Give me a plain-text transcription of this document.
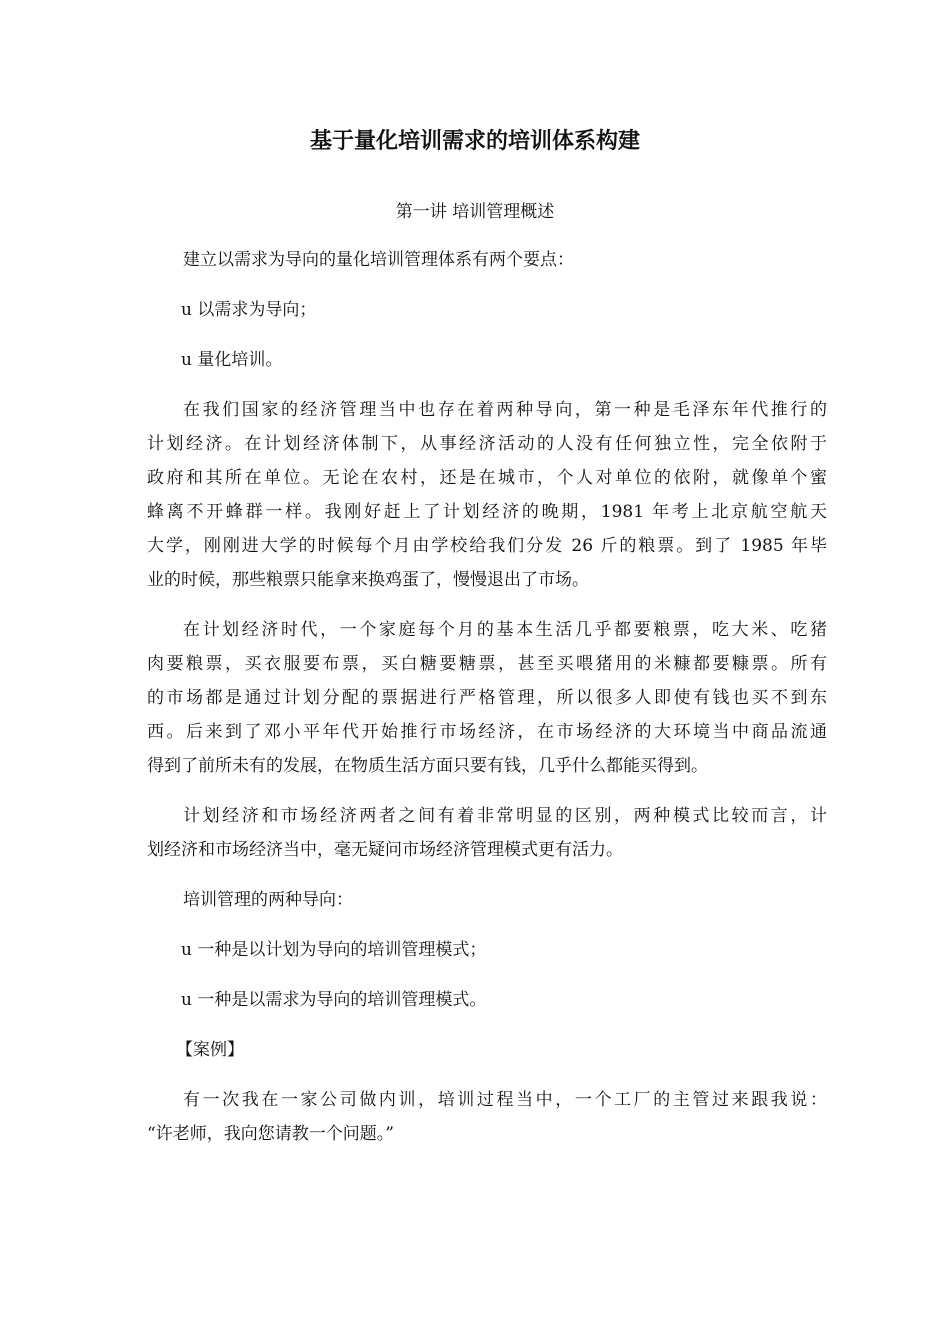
基于量化培训需求的培训体系构建
第一讲 培训管理概述
建立以需求为导向的量化培训管理体系有两个要点：
u 以需求为导向；
u 量化培训。
在我们国家的经济管理当中也存在着两种导向，第一种是毛泽东年代推行的
计划经济。在计划经济体制下，从事经济活动的人没有任何独立性，完全依附于
政府和其所在单位。无论在农村，还是在城市，个人对单位的依附，就像单个蜜
蜂离不开蜂群一样。我刚好赶上了计划经济的晚期，1981 年考上北京航空航天
大学，刚刚进大学的时候每个月由学校给我们分发 26 斤的粮票。到了 1985 年毕
业的时候，那些粮票只能拿来换鸡蛋了，慢慢退出了市场。
在计划经济时代，一个家庭每个月的基本生活几乎都要粮票，吃大米、吃猪
肉要粮票，买衣服要布票，买白糖要糖票，甚至买喂猪用的米糠都要糠票。所有
的市场都是通过计划分配的票据进行严格管理，所以很多人即使有钱也买不到东
西。后来到了邓小平年代开始推行市场经济，在市场经济的大环境当中商品流通
得到了前所未有的发展，在物质生活方面只要有钱，几乎什么都能买得到。
计划经济和市场经济两者之间有着非常明显的区别，两种模式比较而言，计
划经济和市场经济当中，毫无疑问市场经济管理模式更有活力。
培训管理的两种导向：
u 一种是以计划为导向的培训管理模式；
u 一种是以需求为导向的培训管理模式。
【案例】
有一次我在一家公司做内训，培训过程当中，一个工厂的主管过来跟我说：
“许老师，我向您请教一个问题。”
